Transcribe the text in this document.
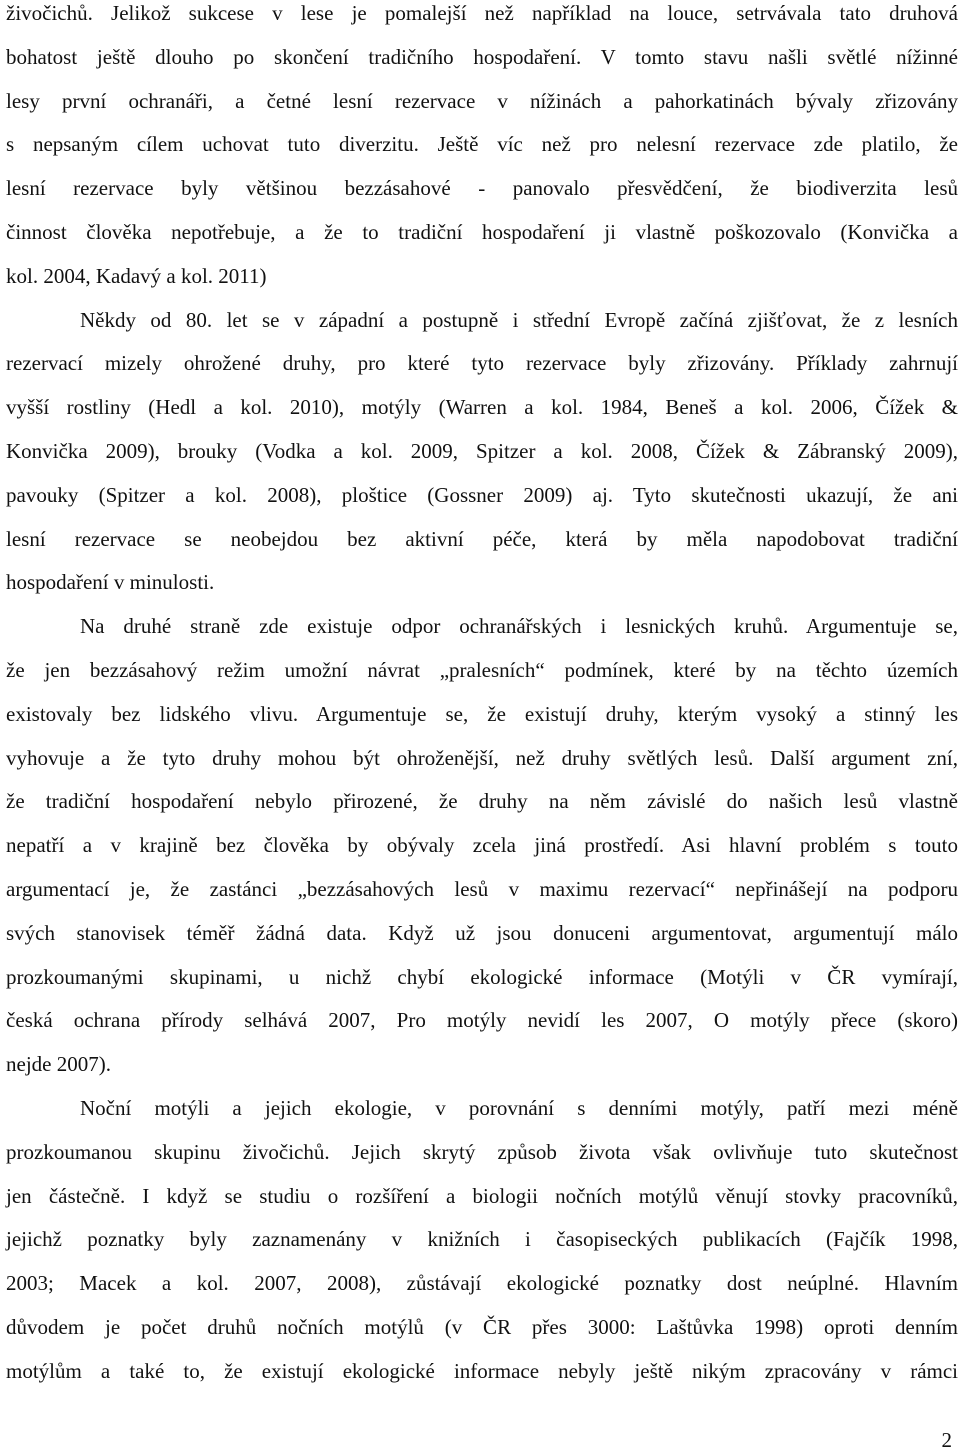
živočichů. Jelikož sukcese v lese je pomalejší než například na louce, setrvávala tato druhová
bohatost ještě dlouho po skončení tradičního hospodaření. V tomto stavu našli světlé nížinné
lesy první ochranáři, a četné lesní rezervace v nížinách a pahorkatinách bývaly zřizovány
s nepsaným cílem uchovat tuto diverzitu. Ještě víc než pro nelesní rezervace zde platilo, že
lesní rezervace byly většinou bezzásahové - panovalo přesvědčení, že biodiverzita lesů
činnost člověka nepotřebuje, a že to tradiční hospodaření ji vlastně poškozovalo (Konvička a
kol. 2004, Kadavý a kol. 2011)
Někdy od 80. let se v západní a postupně i střední Evropě začíná zjišťovat, že z lesních
rezervací mizely ohrožené druhy, pro které tyto rezervace byly zřizovány. Příklady zahrnují
vyšší rostliny (Hedl a kol. 2010), motýly (Warren a kol. 1984, Beneš a kol. 2006, Čížek &
Konvička 2009), brouky (Vodka a kol. 2009, Spitzer a kol. 2008, Čížek & Zábranský 2009),
pavouky (Spitzer a kol. 2008), ploštice (Gossner 2009) aj. Tyto skutečnosti ukazují, že ani
lesní rezervace se neobejdou bez aktivní péče, která by měla napodobovat tradiční
hospodaření v minulosti.
Na druhé straně zde existuje odpor ochranářských i lesnických kruhů. Argumentuje se,
že jen bezzásahový režim umožní návrat „pralesních“ podmínek, které by na těchto územích
existovaly bez lidského vlivu. Argumentuje se, že existují druhy, kterým vysoký a stinný les
vyhovuje a že tyto druhy mohou být ohroženější, než druhy světlých lesů. Další argument zní,
že tradiční hospodaření nebylo přirozené, že druhy na něm závislé do našich lesů vlastně
nepatří a v krajině bez člověka by obývaly zcela jiná prostředí. Asi hlavní problém s touto
argumentací je, že zastánci „bezzásahových lesů v maximu rezervací“ nepřinášejí na podporu
svých stanovisek téměř žádná data. Když už jsou donuceni argumentovat, argumentují málo
prozkoumanými skupinami, u nichž chybí ekologické informace (Motýli v ČR vymírají,
česká ochrana přírody selhává 2007, Pro motýly nevidí les 2007, O motýly přece (skoro)
nejde 2007).
Noční motýli a jejich ekologie, v porovnání s denními motýly, patří mezi méně
prozkoumanou skupinu živočichů. Jejich skrytý způsob života však ovlivňuje tuto skutečnost
jen částečně. I když se studiu o rozšíření a biologii nočních motýlů věnují stovky pracovníků,
jejichž poznatky byly zaznamenány v knižních i časopiseckých publikacích (Fajčík 1998,
2003; Macek a kol. 2007, 2008), zůstávají ekologické poznatky dost neúplné. Hlavním
důvodem je počet druhů nočních motýlů (v ČR přes 3000: Laštůvka 1998) oproti denním
motýlům a také to, že existují ekologické informace nebyly ještě nikým zpracovány v rámci
2
